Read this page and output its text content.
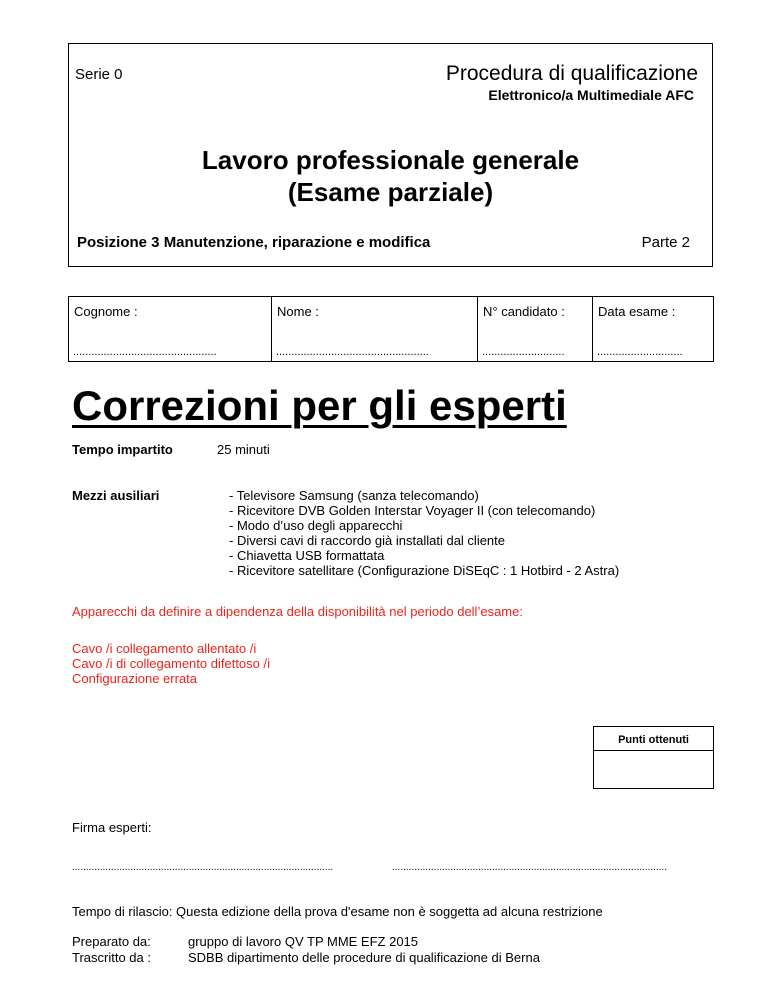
Serie 0	Procedura di qualificazione
Elettronico/a Multimediale AFC
Lavoro professionale generale
(Esame parziale)
Posizione 3 Manutenzione, riparazione e modifica	Parte 2
Cognome :
...............................................

Nome :
..................................................

N° candidato :
...........................

Data esame :
............................
Correzioni per gli esperti
Tempo impartito	25 minuti
Mezzi ausiliari	- Televisore Samsung (sanza telecomando)
- Ricevitore DVB Golden Interstar Voyager II (con telecomando)
- Modo d’uso degli apparecchi
- Diversi cavi di raccordo già installati dal cliente
- Chiavetta USB formattata
- Ricevitore satellitare (Configurazione DiSEqC : 1 Hotbird - 2 Astra)
Apparecchi da definire a dipendenza della disponibilità nel periodo dell’esame:
Cavo /i collegamento allentato /i
Cavo /i di collegamento difettoso /i
Configurazione errata
Punti ottenuti
Firma esperti:
..............................................................................................	...................................................................................................
Tempo di rilascio: Questa edizione della prova d'esame non è soggetta ad alcuna restrizione
Preparato da:	gruppo di lavoro QV TP MME EFZ 2015
Trascritto da :	SDBB dipartimento delle procedure di qualificazione di Berna
